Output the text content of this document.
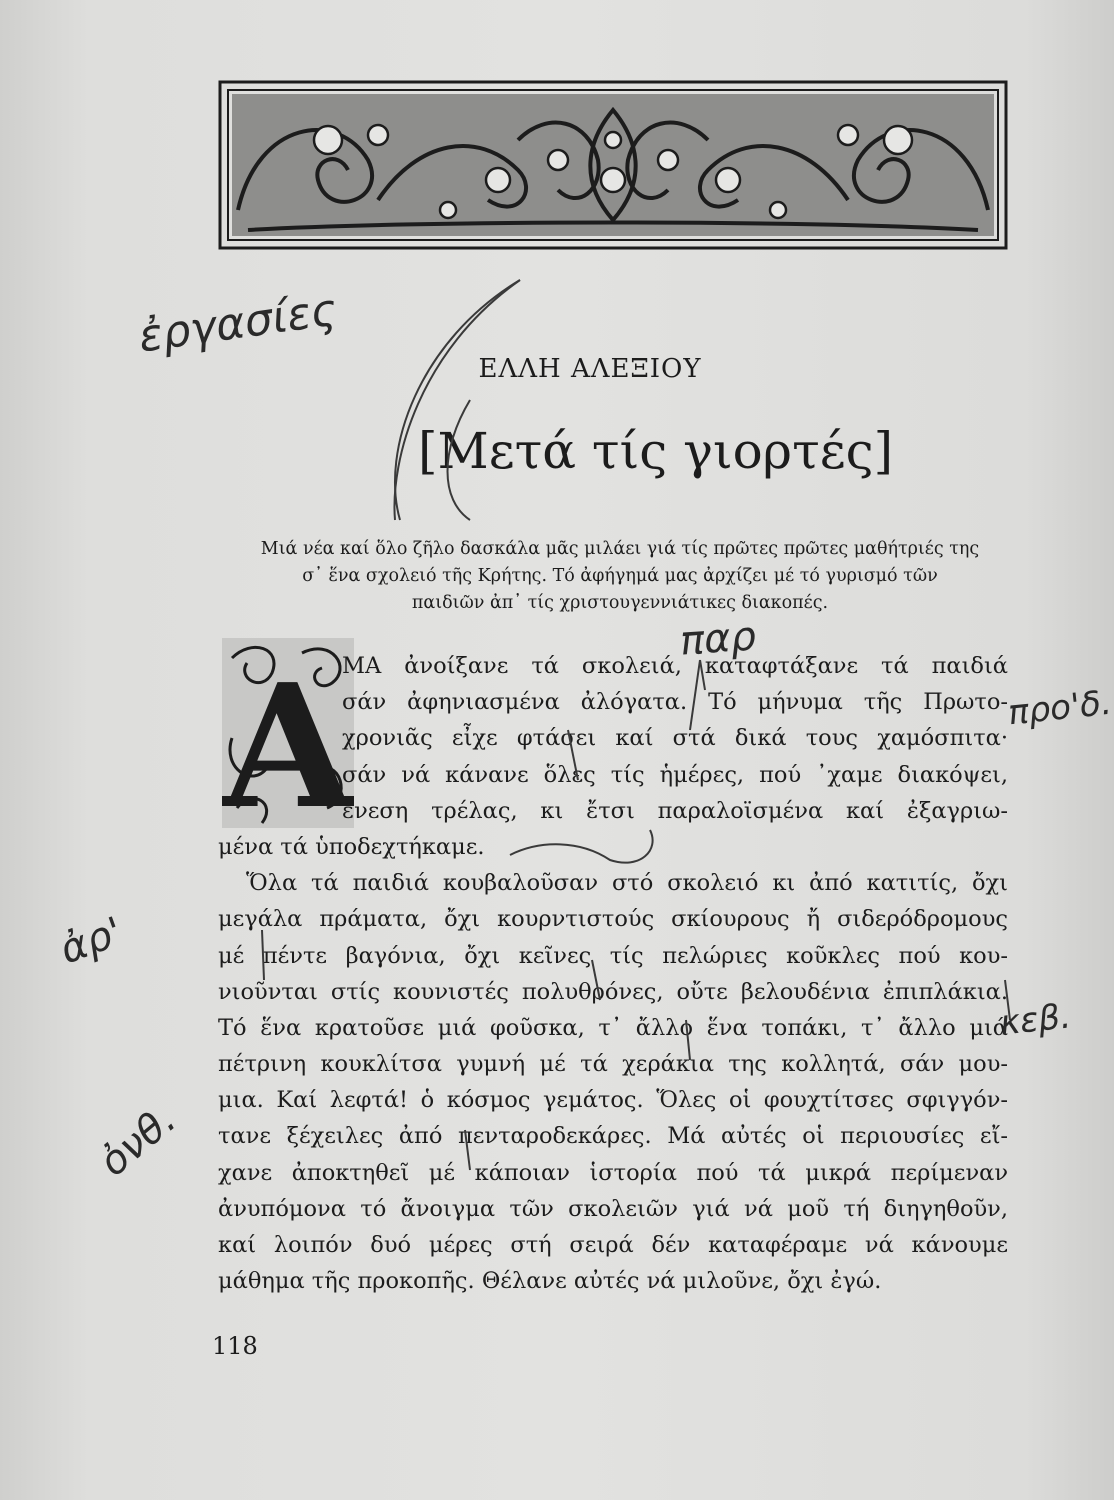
ΕΛΛΗ ΑΛΕΞΙΟΥ
[Μετά τίς γιορτές]
Μιά νέα καί ὅλο ζῆλο δασκάλα μᾶς μιλάει γιά τίς πρῶτες πρῶτες μαθήτριές της
σ᾽ ἕνα σχολειό τῆς Κρήτης. Τό ἀφήγημά μας ἀρχίζει μέ τό γυρισμό τῶν
παιδιῶν ἀπ᾽ τίς χριστουγεννιάτικες διακοπές.
Α
ΜΑ ἀνοίξανε τά σκολειά, καταφτάξανε τά παιδιά
σάν ἀφηνιασμένα ἀλόγατα. Τό μήνυμα τῆς Πρωτο-
χρονιᾶς εἶχε φτάσει καί στά δικά τους χαμόσπιτα·
σάν νά κάνανε ὅλες τίς ἡμέρες, πού ᾽χαμε διακόψει,
ἔνεση τρέλας, κι ἔτσι παραλοϊσμένα καί ἐξαγριω-
μένα τά ὑποδεχτήκαμε.
Ὅλα τά παιδιά κουβαλοῦσαν στό σκολειό κι ἀπό κατιτίς, ὄχι
μεγάλα πράματα, ὄχι κουρντιστούς σκίουρους ἤ σιδερόδρομους
μέ πέντε βαγόνια, ὄχι κεῖνες τίς πελώριες κοῦκλες πού κου-
νιοῦνται στίς κουνιστές πολυθρόνες, οὔτε βελουδένια ἐπιπλάκια.
Τό ἕνα κρατοῦσε μιά φοῦσκα, τ᾽ ἄλλο ἕνα τοπάκι, τ᾽ ἄλλο μιά
πέτρινη κουκλίτσα γυμνή μέ τά χεράκια της κολλητά, σάν μου-
μια. Καί λεφτά! ὁ κόσμος γεμάτος. Ὅλες οἱ φουχτίτσες σφιγγόν-
τανε ξέχειλες ἀπό πενταροδεκάρες. Μά αὐτές οἱ περιουσίες εἴ-
χανε ἀποκτηθεῖ μέ κάποιαν ἱστορία πού τά μικρά περίμεναν
ἀνυπόμονα τό ἄνοιγμα τῶν σκολειῶν γιά νά μοῦ τή διηγηθοῦν,
καί λοιπόν δυό μέρες στή σειρά δέν καταφέραμε νά κάνουμε
μάθημα τῆς προκοπῆς. Θέλανε αὐτές νά μιλοῦνε, ὄχι ἐγώ.
118
ἐργασίες
παρ
προ'δ.
ἀρ'
κεβ.
ὀνθ.
